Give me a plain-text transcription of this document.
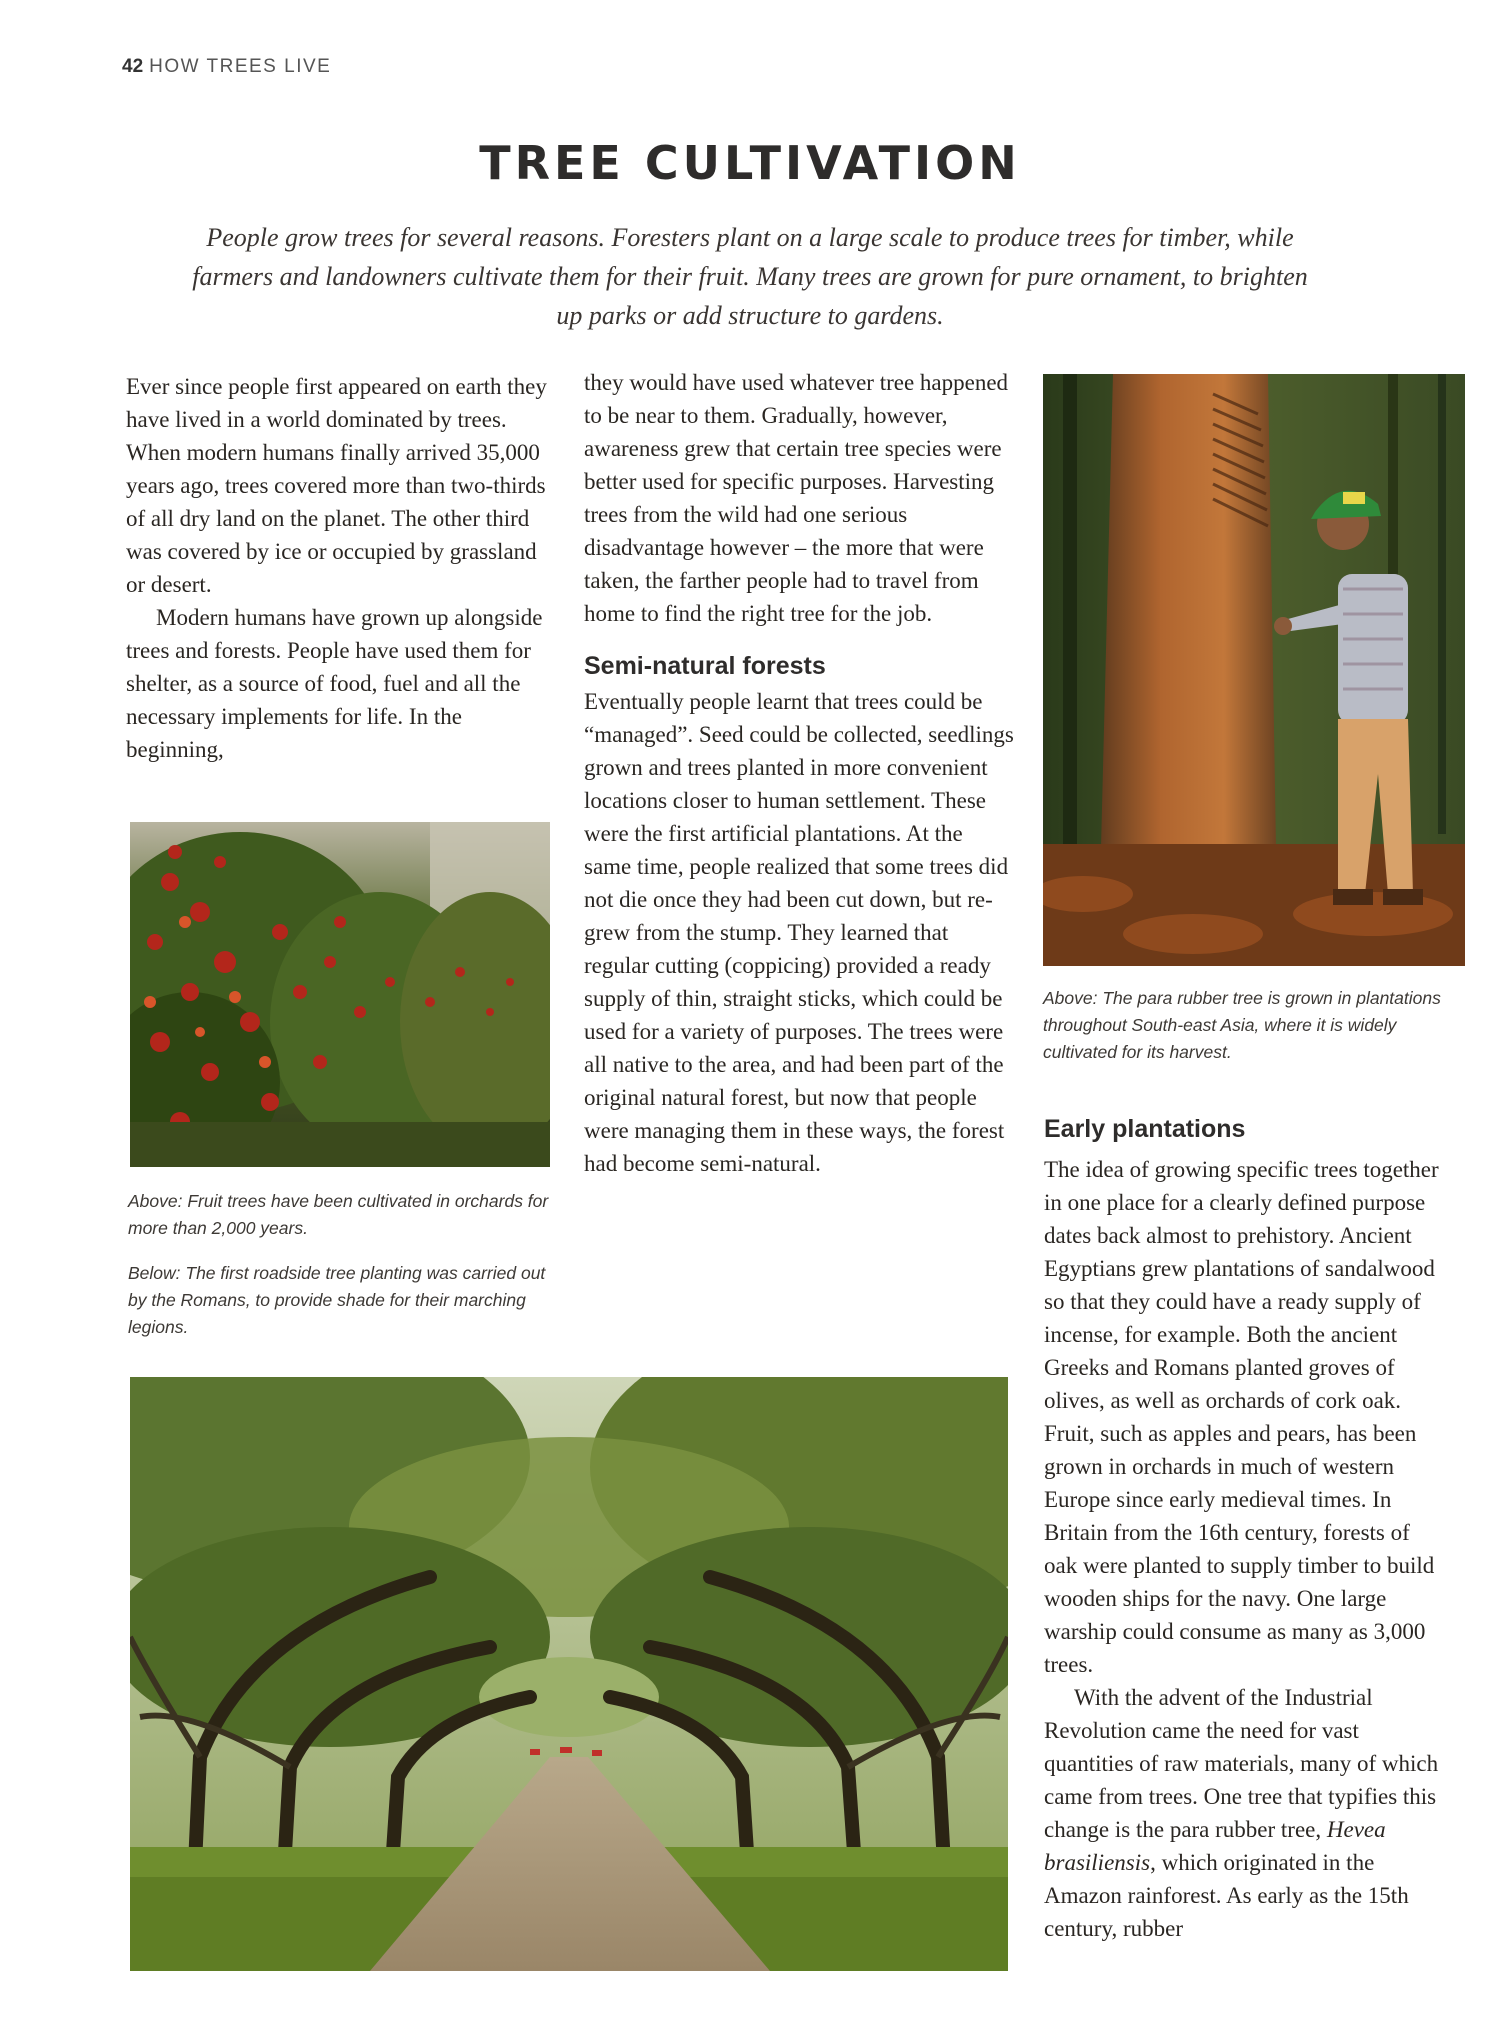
42 HOW TREES LIVE
TREE CULTIVATION
People grow trees for several reasons. Foresters plant on a large scale to produce trees for timber, while farmers and landowners cultivate them for their fruit. Many trees are grown for pure ornament, to brighten up parks or add structure to gardens.

Ever since people first appeared on earth they have lived in a world dominated by trees. When modern humans finally arrived 35,000 years ago, trees covered more than two-thirds of all dry land on the planet. The other third was covered by ice or occupied by grassland or desert.

Modern humans have grown up alongside trees and forests. People have used them for shelter, as a source of food, fuel and all the necessary implements for life. In the beginning,

Above: Fruit trees have been cultivated in orchards for more than 2,000 years.

Below: The first roadside tree planting was carried out by the Romans, to provide shade for their marching legions.

they would have used whatever tree happened to be near to them. Gradually, however, awareness grew that certain tree species were better used for specific purposes. Harvesting trees from the wild had one serious disadvantage however – the more that were taken, the farther people had to travel from home to find the right tree for the job.

Semi-natural forests

Eventually people learnt that trees could be “managed”. Seed could be collected, seedlings grown and trees planted in more convenient locations closer to human settlement. These were the first artificial plantations. At the same time, people realized that some trees did not die once they had been cut down, but re-grew from the stump. They learned that regular cutting (coppicing) provided a ready supply of thin, straight sticks, which could be used for a variety of purposes. The trees were all native to the area, and had been part of the original natural forest, but now that people were managing them in these ways, the forest had become semi-natural.

Above: The para rubber tree is grown in plantations throughout South-east Asia, where it is widely cultivated for its harvest.

Early plantations

The idea of growing specific trees together in one place for a clearly defined purpose dates back almost to prehistory. Ancient Egyptians grew plantations of sandalwood so that they could have a ready supply of incense, for example. Both the ancient Greeks and Romans planted groves of olives, as well as orchards of cork oak. Fruit, such as apples and pears, has been grown in orchards in much of western Europe since early medieval times. In Britain from the 16th century, forests of oak were planted to supply timber to build wooden ships for the navy. One large warship could consume as many as 3,000 trees.

With the advent of the Industrial Revolution came the need for vast quantities of raw materials, many of which came from trees. One tree that typifies this change is the para rubber tree, Hevea brasiliensis, which originated in the Amazon rainforest. As early as the 15th century, rubber
